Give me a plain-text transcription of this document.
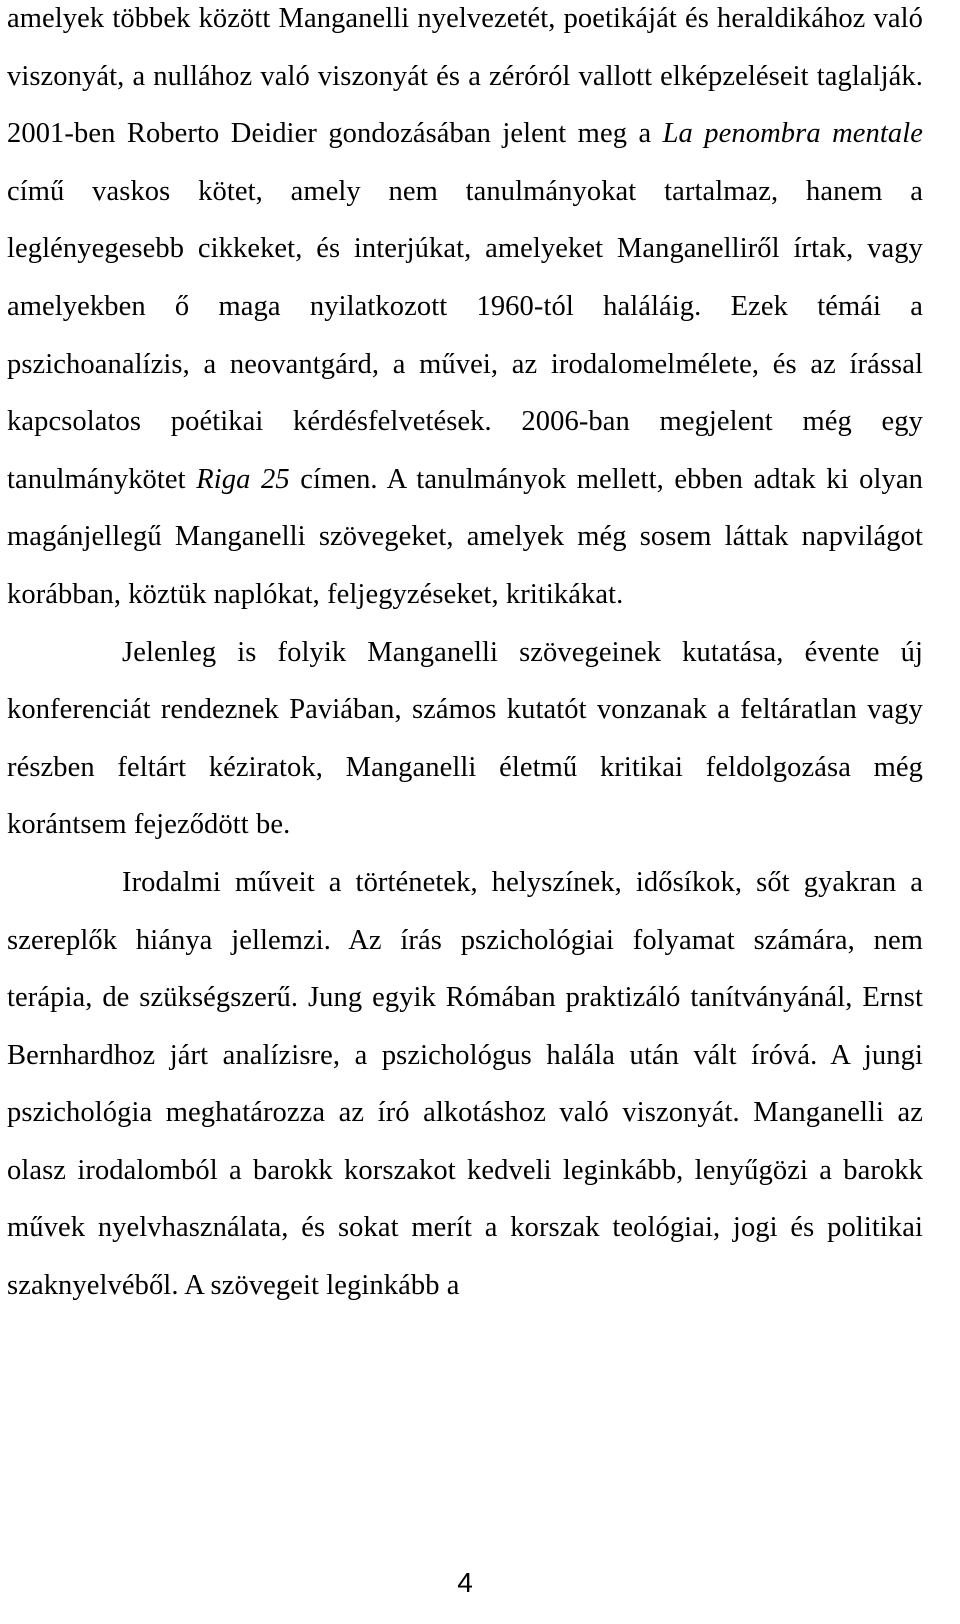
amelyek többek között Manganelli nyelvezetét, poetikáját és heraldikához való viszonyát, a nullához való viszonyát és a zéróról vallott elképzeléseit taglalják. 2001-ben Roberto Deidier gondozásában jelent meg a La penombra mentale című vaskos kötet, amely nem tanulmányokat tartalmaz, hanem a leglényegesebb cikkeket, és interjúkat, amelyeket Manganelliről írtak, vagy amelyekben ő maga nyilatkozott 1960-tól haláláig. Ezek témái a pszichoanalízis, a neovantgárd, a művei, az irodalomelmélete, és az írással kapcsolatos poétikai kérdésfelvetések. 2006-ban megjelent még egy tanulmánykötet Riga 25 címen. A tanulmányok mellett, ebben adtak ki olyan magánjellegű Manganelli szövegeket, amelyek még sosem láttak napvilágot korábban, köztük naplókat, feljegyzéseket, kritikákat.

Jelenleg is folyik Manganelli szövegeinek kutatása, évente új konferenciát rendeznek Paviában, számos kutatót vonzanak a feltáratlan vagy részben feltárt kéziratok, Manganelli életmű kritikai feldolgozása még korántsem fejeződött be.

Irodalmi műveit a történetek, helyszínek, idősíkok, sőt gyakran a szereplők hiánya jellemzi. Az írás pszichológiai folyamat számára, nem terápia, de szükségszerű. Jung egyik Rómában praktizáló tanítványánál, Ernst Bernhardhoz járt analízisre, a pszichológus halála után vált íróvá. A jungi pszichológia meghatározza az író alkotáshoz való viszonyát. Manganelli az olasz irodalomból a barokk korszakot kedveli leginkább, lenyűgözi a barokk művek nyelvhasználata, és sokat merít a korszak teológiai, jogi és politikai szaknyelvéből. A szövegeit leginkább a

4
